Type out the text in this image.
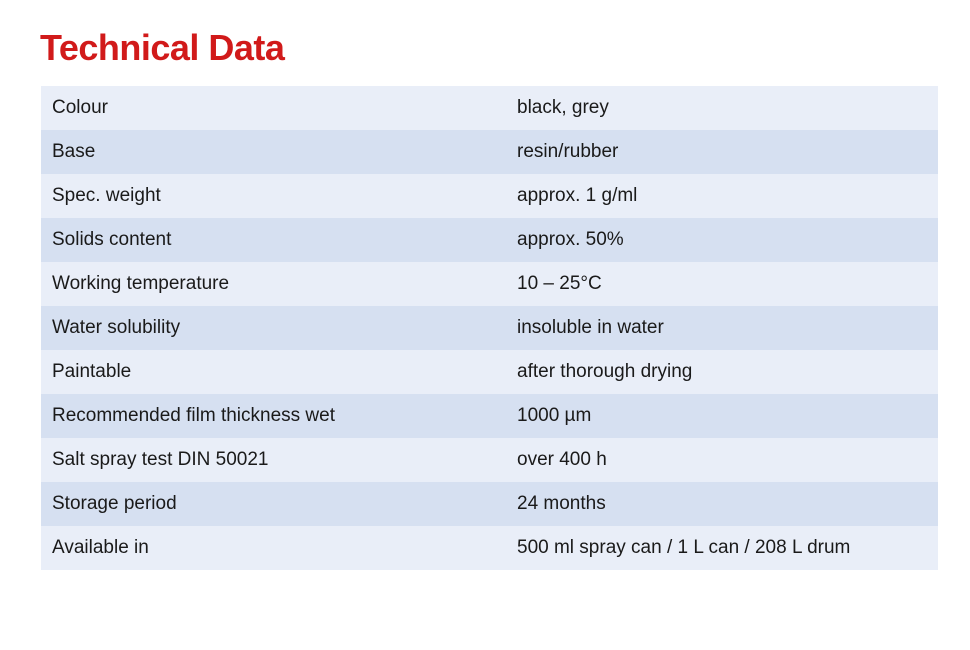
Technical Data
Colour	black, grey
Base	resin/rubber
Spec. weight	approx. 1 g/ml
Solids content	approx. 50%
Working temperature	10 – 25°C
Water solubility	insoluble in water
Paintable	after thorough drying
Recommended film thickness wet	1000 µm
Salt spray test DIN 50021	over 400 h
Storage period	24 months
Available in	500 ml spray can / 1 L can / 208 L drum
